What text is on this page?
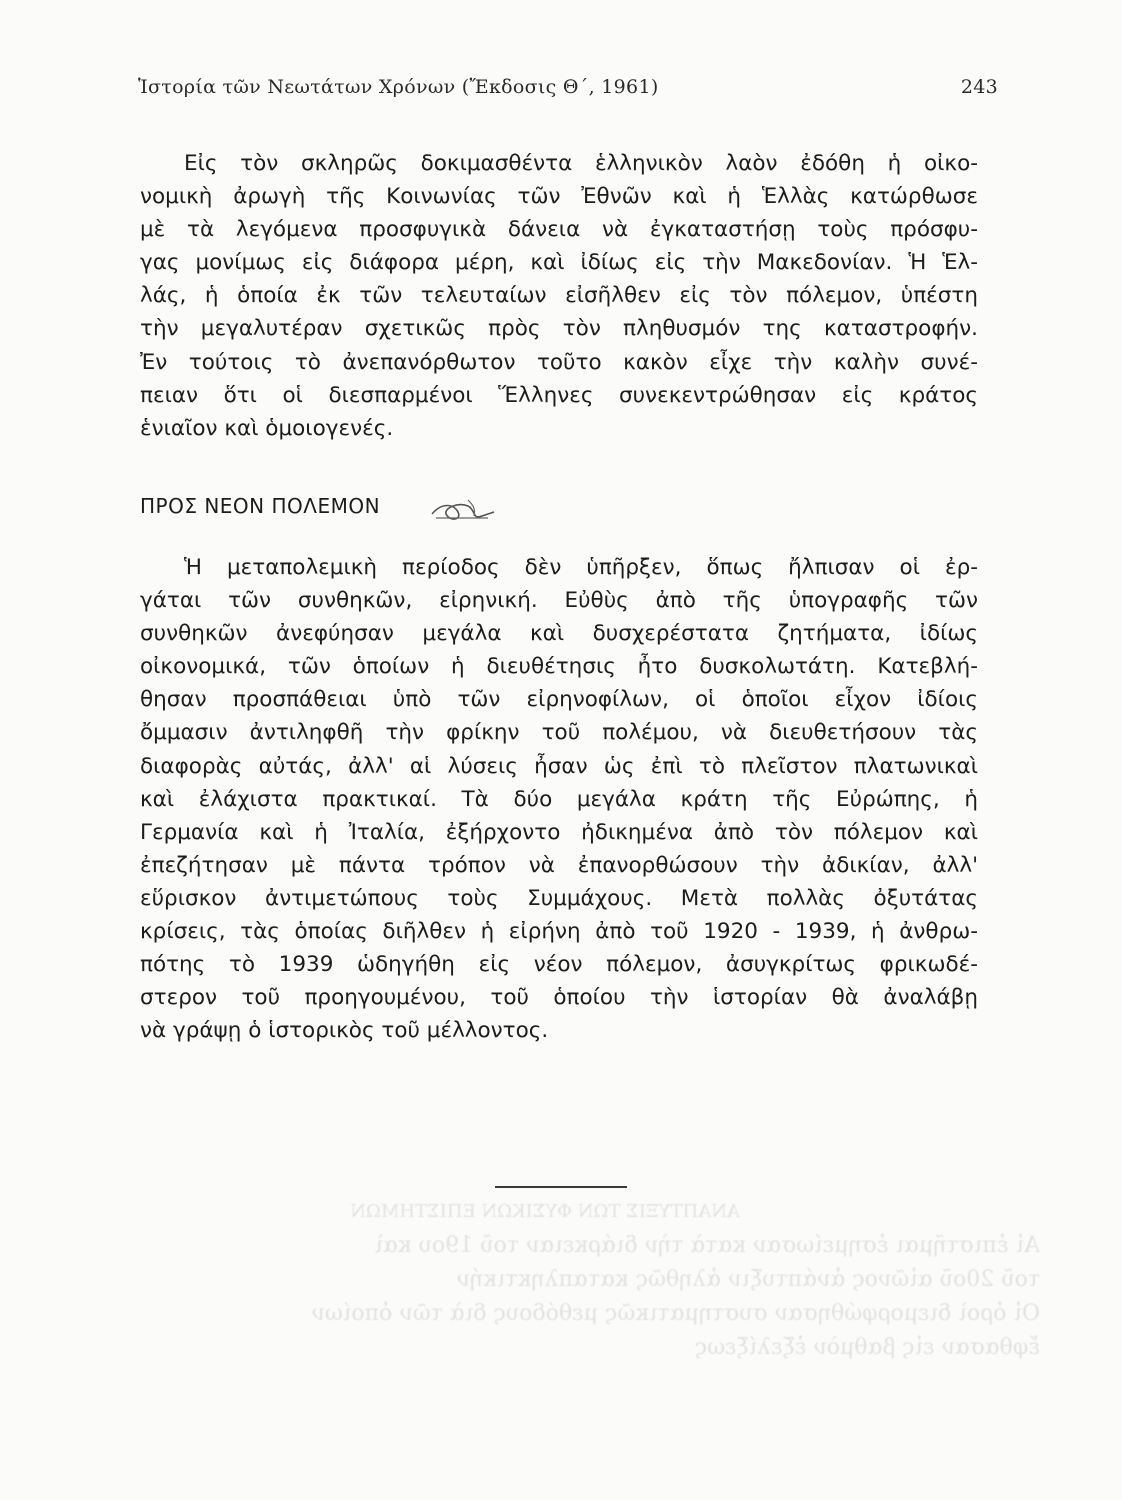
ΑΝΑΠΤΥΞΙΣ ΤΩΝ ΦΥΣΙΚΩΝ ΕΠΙΣΤΗΜΩΝ
Αἱ ἐπιστῆμαι ἐσημείωσαν κατὰ τὴν διάρκειαν τοῦ 19ου καὶ
τοῦ 20οῦ αἰῶνος ἀνάπτυξιν ἀληθῶς καταπληκτικήν
Οἱ ὁροὶ διεμορφώθησαν συστηματικῶς μεθόδους διὰ τῶν ὁποίων
ἔφθασαν εἰς βαθμὸν ἐξελίξεως
Ἱστορία τῶν Νεωτάτων Χρόνων (Ἔκδοσις Θ΄, 1961)	243
Εἰς τὸν σκληρῶς δοκιμασθέντα ἑλληνικὸν λαὸν ἐδόθη ἡ οἰκο-
νομικὴ ἀρωγὴ τῆς Κοινωνίας τῶν Ἐθνῶν καὶ ἡ Ἑλλὰς κατώρθωσε
μὲ τὰ λεγόμενα προσφυγικὰ δάνεια νὰ ἐγκαταστήσῃ τοὺς πρόσφυ-
γας μονίμως εἰς διάφορα μέρη, καὶ ἰδίως εἰς τὴν Μακεδονίαν. Ἡ Ἑλ-
λάς, ἡ ὁποία ἐκ τῶν τελευταίων εἰσῆλθεν εἰς τὸν πόλεμον, ὑπέστη
τὴν μεγαλυτέραν σχετικῶς πρὸς τὸν πληθυσμόν της καταστροφήν.
Ἐν τούτοις τὸ ἀνεπανόρθωτον τοῦτο κακὸν εἶχε τὴν καλὴν συνέ-
πειαν ὅτι οἱ διεσπαρμένοι Ἕλληνες συνεκεντρώθησαν εἰς κράτος
ἑνιαῖον καὶ ὁμοιογενές.
ΠΡΟΣ ΝΕΟΝ ΠΟΛΕΜΟΝ
Ἡ μεταπολεμικὴ περίοδος δὲν ὑπῆρξεν, ὅπως ἤλπισαν οἱ ἐρ-
γάται τῶν συνθηκῶν, εἰρηνική. Εὐθὺς ἀπὸ τῆς ὑπογραφῆς τῶν
συνθηκῶν ἀνεφύησαν μεγάλα καὶ δυσχερέστατα ζητήματα, ἰδίως
οἰκονομικά, τῶν ὁποίων ἡ διευθέτησις ἦτο δυσκολωτάτη. Κατεβλή-
θησαν προσπάθειαι ὑπὸ τῶν εἰρηνοφίλων, οἱ ὁποῖοι εἶχον ἰδίοις
ὄμμασιν ἀντιληφθῆ τὴν φρίκην τοῦ πολέμου, νὰ διευθετήσουν τὰς
διαφορὰς αὐτάς, ἀλλ' αἱ λύσεις ἦσαν ὡς ἐπὶ τὸ πλεῖστον πλατωνικαὶ
καὶ ἐλάχιστα πρακτικαί. Τὰ δύο μεγάλα κράτη τῆς Εὐρώπης, ἡ
Γερμανία καὶ ἡ Ἰταλία, ἐξήρχοντο ἠδικημένα ἀπὸ τὸν πόλεμον καὶ
ἐπεζήτησαν μὲ πάντα τρόπον νὰ ἐπανορθώσουν τὴν ἀδικίαν, ἀλλ'
εὕρισκον ἀντιμετώπους τοὺς Συμμάχους. Μετὰ πολλὰς ὀξυτάτας
κρίσεις, τὰς ὁποίας διῆλθεν ἡ εἰρήνη ἀπὸ τοῦ 1920 - 1939, ἡ ἀνθρω-
πότης τὸ 1939 ὡδηγήθη εἰς νέον πόλεμον, ἀσυγκρίτως φρικωδέ-
στερον τοῦ προηγουμένου, τοῦ ὁποίου τὴν ἱστορίαν θὰ ἀναλάβῃ
νὰ γράψῃ ὁ ἱστορικὸς τοῦ μέλλοντος.
